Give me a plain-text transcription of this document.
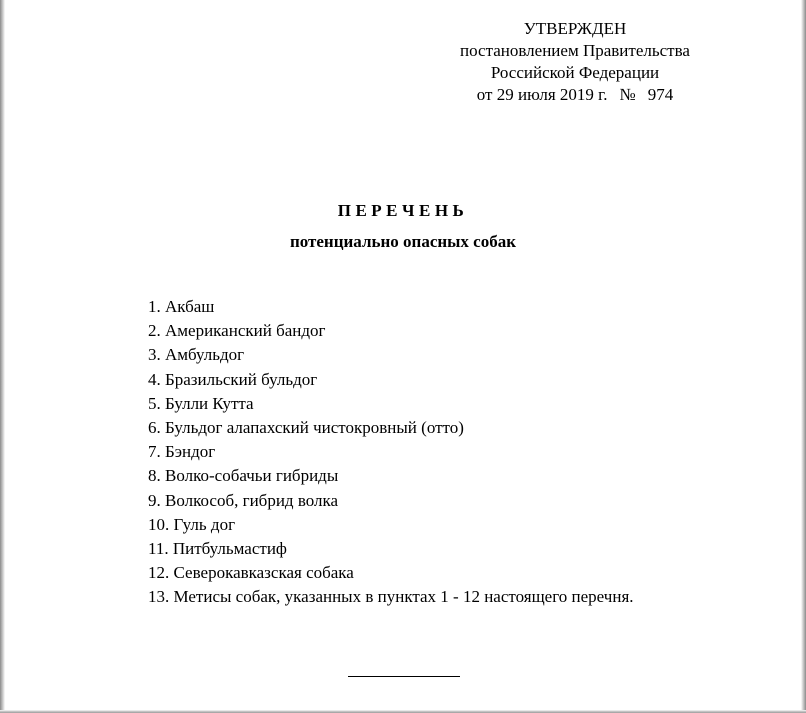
УТВЕРЖДЕН
постановлением Правительства
Российской Федерации
от 29 июля 2019 г. № 974
ПЕРЕЧЕНЬ
потенциально опасных собак
1. Акбаш
2. Американский бандог
3. Амбульдог
4. Бразильский бульдог
5. Булли Кутта
6. Бульдог алапахский чистокровный (отто)
7. Бэндог
8. Волко-собачьи гибриды
9. Волкособ, гибрид волка
10. Гуль дог
11. Питбульмастиф
12. Северокавказская собака
13. Метисы собак, указанных в пунктах 1 - 12 настоящего перечня.
